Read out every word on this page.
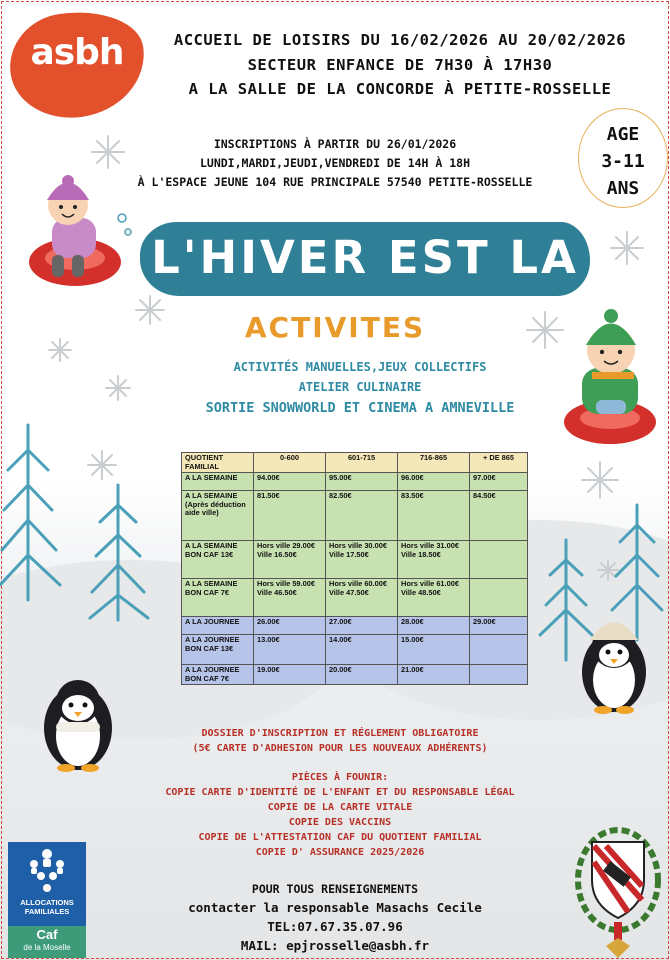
asbh	ACCUEIL DE LOISIRS DU 16/02/2026 AU 20/02/2026
SECTEUR ENFANCE DE 7H30 À 17H30
A LA SALLE DE LA CONCORDE À PETITE-ROSSELLE
INSCRIPTIONS À PARTIR DU 26/01/2026
LUNDI,MARDI,JEUDI,VENDREDI DE 14H À 18H
À L'ESPACE JEUNE 104 RUE PRINCIPALE 57540 PETITE-ROSSELLE
AGE
3-11
ANS
L'HIVER EST LA
ACTIVITES
ACTIVITÉS MANUELLES,JEUX COLLECTIFS
ATELIER CULINAIRE
SORTIE SNOWWORLD ET CINEMA A AMNEVILLE
QUOTIENT FAMILIAL	0-600	601-715	716-865	+ DE 865
A LA SEMAINE	94.00€	95.00€	96.00€	97.00€
A LA SEMAINE (Après déduction aide ville)	81.50€	82.50€	83.50€	84.50€
A LA SEMAINE BON CAF 13€	Hors ville 29.00€ Ville 16.50€	Hors ville 30.00€ Ville 17.50€	Hors ville 31.00€ Ville 18.50€	
A LA SEMAINE BON CAF 7€	Hors ville 59.00€ Ville 46.50€	Hors ville 60.00€ Ville 47.50€	Hors ville 61.00€ Ville 48.50€	
A LA JOURNEE	26.00€	27.00€	28.00€	29.00€
A LA JOURNEE BON CAF 13€	13.00€	14.00€	15.00€	
A LA JOURNEE BON CAF 7€	19.00€	20.00€	21.00€	
DOSSIER D'INSCRIPTION ET RÉGLEMENT OBLIGATOIRE
(5€ CARTE D'ADHESION POUR LES NOUVEAUX ADHÉRENTS)
PIÈCES À FOUNIR:
COPIE CARTE D'IDENTITÉ DE L'ENFANT ET DU RESPONSABLE LÉGAL
COPIE DE LA CARTE VITALE
COPIE DES VACCINS
COPIE DE L'ATTESTATION CAF DU QUOTIENT FAMILIAL
COPIE D' ASSURANCE 2025/2026
POUR TOUS RENSEIGNEMENTS
contacter la responsable Masachs Cecile
TEL:07.67.35.07.96
MAIL: epjrosselle@asbh.fr
ALLOCATIONS
FAMILIALES
Caf
de la Moselle
